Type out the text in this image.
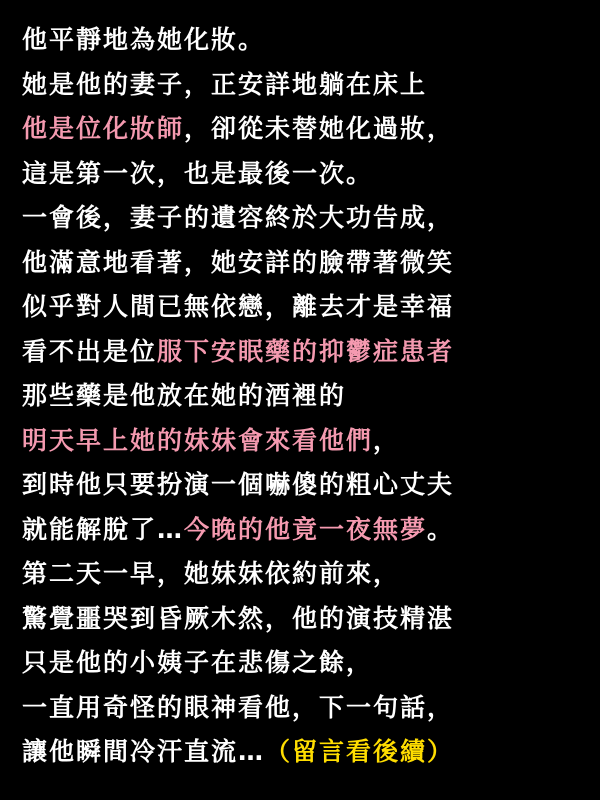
他平靜地為她化妝。
她是他的妻子，正安詳地躺在床上
他是位化妝師，卻從未替她化過妝，
這是第一次，也是最後一次。
一會後，妻子的遺容終於大功告成，
他滿意地看著，她安詳的臉帶著微笑
似乎對人間已無依戀，離去才是幸福
看不出是位服下安眠藥的抑鬱症患者
那些藥是他放在她的酒裡的
明天早上她的妹妹會來看他們，
到時他只要扮演一個嚇傻的粗心丈夫
就能解脫了…今晚的他竟一夜無夢。
第二天一早，她妹妹依約前來，
驚覺噩哭到昏厥木然，他的演技精湛
只是他的小姨子在悲傷之餘，
一直用奇怪的眼神看他，下一句話，
讓他瞬間冷汗直流…（留言看後續）
